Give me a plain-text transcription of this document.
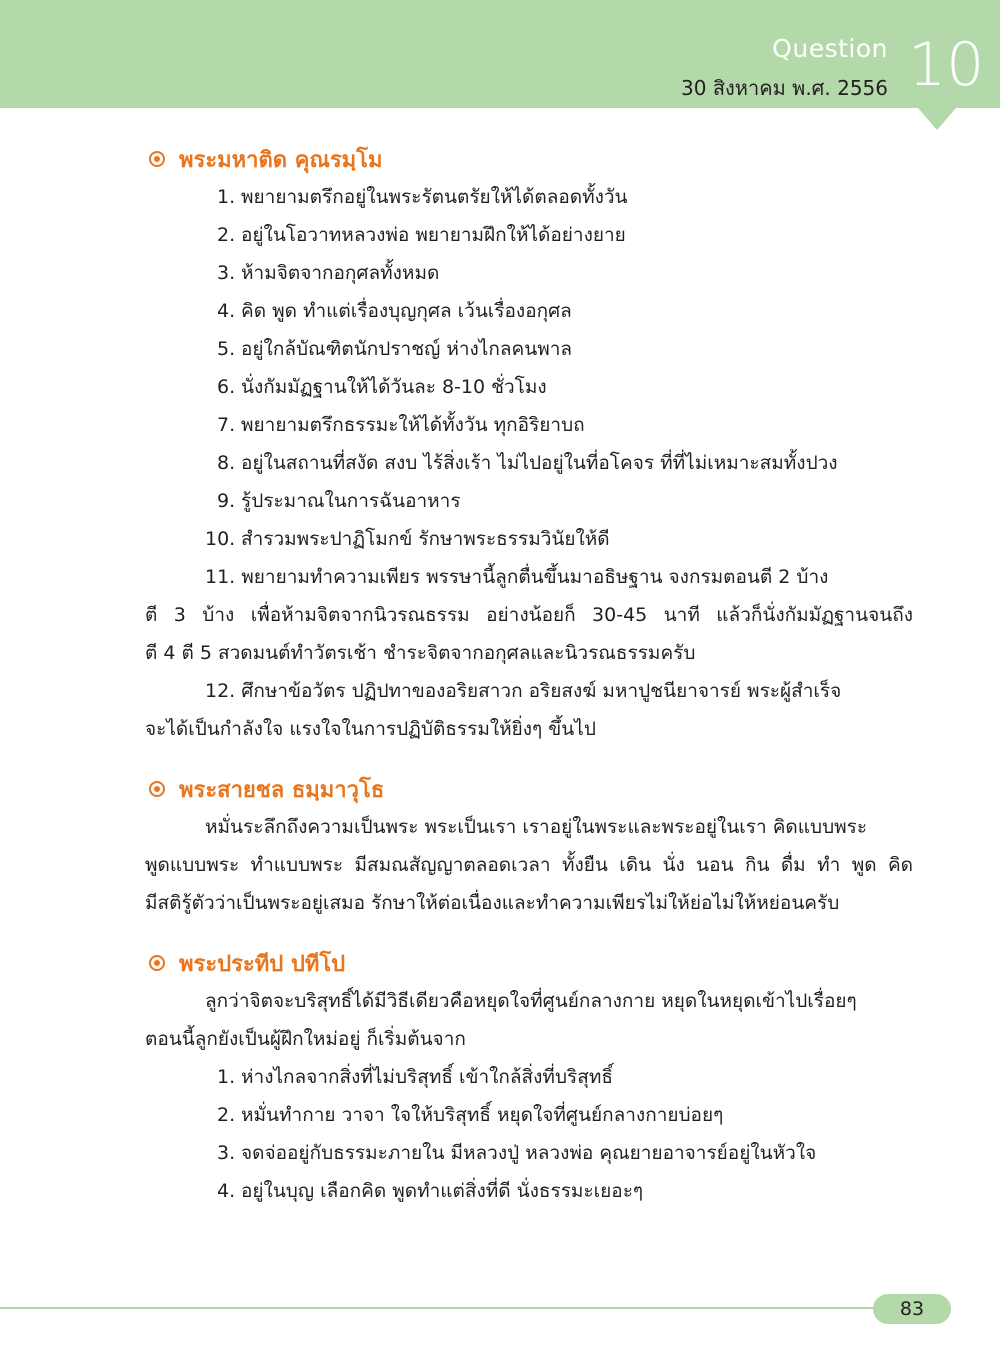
Question
30 สิงหาคม พ.ศ. 2556 10
พระมหาติด คุณรมฺโม
1. พยายามตรึกอยู่ในพระรัตนตรัยให้ได้ตลอดทั้งวัน
2. อยู่ในโอวาทหลวงพ่อ พยายามฝึกให้ได้อย่างยาย
3. ห้ามจิตจากอกุศลทั้งหมด
4. คิด พูด ทำแต่เรื่องบุญกุศล เว้นเรื่องอกุศล
5. อยู่ใกล้บัณฑิตนักปราชญ์ ห่างไกลคนพาล
6. นั่งกัมมัฏฐานให้ได้วันละ 8-10 ชั่วโมง
7. พยายามตรึกธรรมะให้ได้ทั้งวัน ทุกอิริยาบถ
8. อยู่ในสถานที่สงัด สงบ ไร้สิ่งเร้า ไม่ไปอยู่ในที่อโคจร ที่ที่ไม่เหมาะสมทั้งปวง
9. รู้ประมาณในการฉันอาหาร
10. สำรวมพระปาฏิโมกข์ รักษาพระธรรมวินัยให้ดี
11. พยายามทำความเพียร พรรษานี้ลูกตื่นขึ้นมาอธิษฐาน จงกรมตอนตี 2 บ้าง
ตี 3 บ้าง เพื่อห้ามจิตจากนิวรณธรรม อย่างน้อยก็ 30-45 นาที แล้วก็นั่งกัมมัฏฐานจนถึง
ตี 4 ตี 5 สวดมนต์ทำวัตรเช้า ชำระจิตจากอกุศลและนิวรณธรรมครับ
12. ศึกษาข้อวัตร ปฏิปทาของอริยสาวก อริยสงฆ์ มหาปูชนียาจารย์ พระผู้สำเร็จ
จะได้เป็นกำลังใจ แรงใจในการปฏิบัติธรรมให้ยิ่งๆ ขึ้นไป
พระสายชล ธมฺมาวุโธ
หมั่นระลึกถึงความเป็นพระ พระเป็นเรา เราอยู่ในพระและพระอยู่ในเรา คิดแบบพระ
พูดแบบพระ ทำแบบพระ มีสมณสัญญาตลอดเวลา ทั้งยืน เดิน นั่ง นอน กิน ดื่ม ทำ พูด คิด
มีสติรู้ตัวว่าเป็นพระอยู่เสมอ รักษาให้ต่อเนื่องและทำความเพียรไม่ให้ย่อไม่ให้หย่อนครับ
พระประทีป ปทีโป
ลูกว่าจิตจะบริสุทธิ์ได้มีวิธีเดียวคือหยุดใจที่ศูนย์กลางกาย หยุดในหยุดเข้าไปเรื่อยๆ
ตอนนี้ลูกยังเป็นผู้ฝึกใหม่อยู่ ก็เริ่มต้นจาก
1. ห่างไกลจากสิ่งที่ไม่บริสุทธิ์ เข้าใกล้สิ่งที่บริสุทธิ์
2. หมั่นทำกาย วาจา ใจให้บริสุทธิ์ หยุดใจที่ศูนย์กลางกายบ่อยๆ
3. จดจ่ออยู่กับธรรมะภายใน มีหลวงปู่ หลวงพ่อ คุณยายอาจารย์อยู่ในหัวใจ
4. อยู่ในบุญ เลือกคิด พูดทำแต่สิ่งที่ดี นั่งธรรมะเยอะๆ
83
